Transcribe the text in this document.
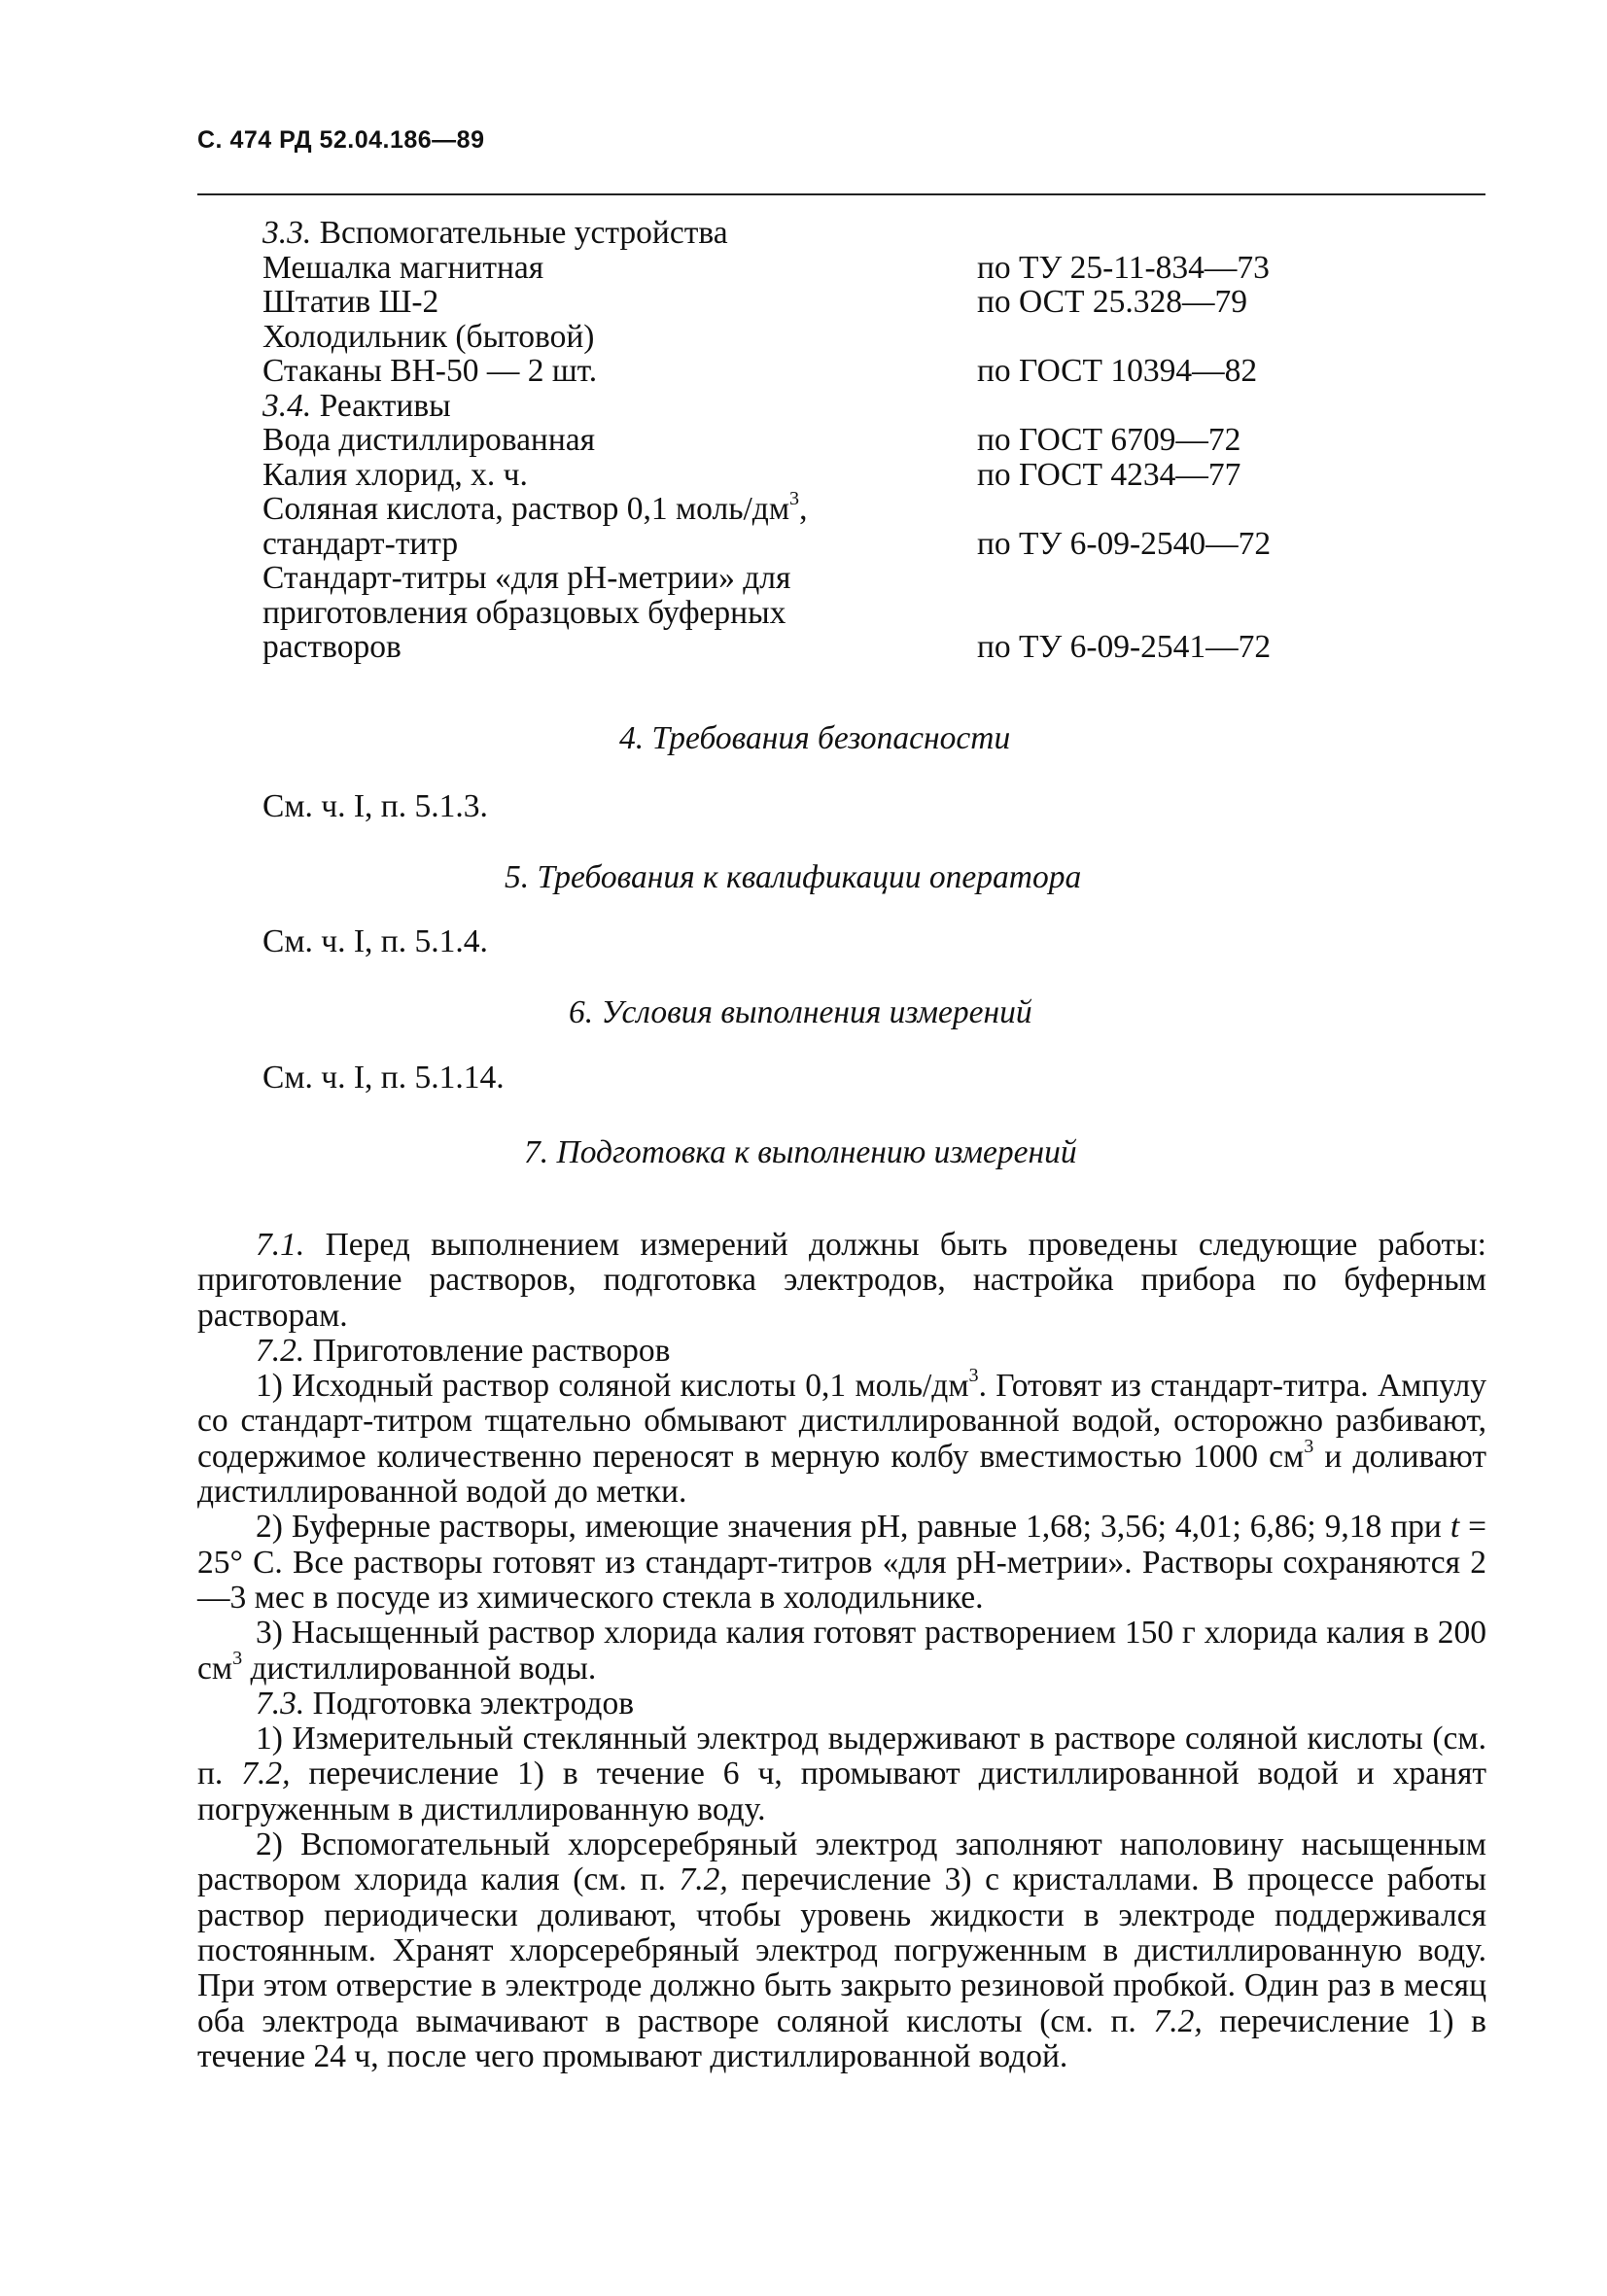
С. 474 РД 52.04.186—89
3.3. Вспомогательные устройства
Мешалка магнитная	по ТУ 25-11-834—73
Штатив Ш-2	по ОСТ 25.328—79
Холодильник (бытовой)
Стаканы ВН-50 — 2 шт.	по ГОСТ 10394—82
3.4. Реактивы
Вода дистиллированная	по ГОСТ 6709—72
Калия хлорид, х. ч.	по ГОСТ 4234—77
Соляная кислота, раствор 0,1 моль/$дм^3$,
стандарт-титр	по ТУ 6-09-2540—72
Стандарт-титры «для pH-метрии» для
приготовления образцовых буферных
растворов	по ТУ 6-09-2541—72
4. Требования безопасности
См. ч. I, п. 5.1.3.
5. Требования к квалификации оператора
См. ч. I, п. 5.1.4.
6. Условия выполнения измерений
См. ч. I, п. 5.1.14.
7. Подготовка к выполнению измерений

7.1. Перед выполнением измерений должны быть проведены следующие работы: приготовление растворов, подготовка электродов, настройка прибора по буферным растворам.

7.2. Приготовление растворов

1) Исходный раствор соляной кислоты 0,1 моль/$дм^3$. Готовят из стандарт-титра. Ампулу со стандарт-титром тщательно обмывают дистиллированной водой, осторожно разбивают, содержимое количественно переносят в мерную колбу вместимостью 1000 $см^3$ и доливают дистиллированной водой до метки.

2) Буферные растворы, имеющие значения pH, равные 1,68; 3,56; 4,01; 6,86; 9,18 при t = 25° С. Все растворы готовят из стандарт-титров «для pH-метрии». Растворы сохраняются 2—3 мес в посуде из химического стекла в холодильнике.

3) Насыщенный раствор хлорида калия готовят растворением 150 г хлорида калия в 200 $см^3$ дистиллированной воды.

7.3. Подготовка электродов

1) Измерительный стеклянный электрод выдерживают в растворе соляной кислоты (см. п. 7.2, перечисление 1) в течение 6 ч, промывают дистиллированной водой и хранят погруженным в дистиллированную воду.

2) Вспомогательный хлорсеребряный электрод заполняют наполовину насыщенным раствором хлорида калия (см. п. 7.2, перечисление 3) с кристаллами. В процессе работы раствор периодически доливают, чтобы уровень жидкости в электроде поддерживался постоянным. Хранят хлорсеребряный электрод погруженным в дистиллированную воду. При этом отверстие в электроде должно быть закрыто резиновой пробкой. Один раз в месяц оба электрода вымачивают в растворе соляной кислоты (см. п. 7.2, перечисление 1) в течение 24 ч, после чего промывают дистиллированной водой.
